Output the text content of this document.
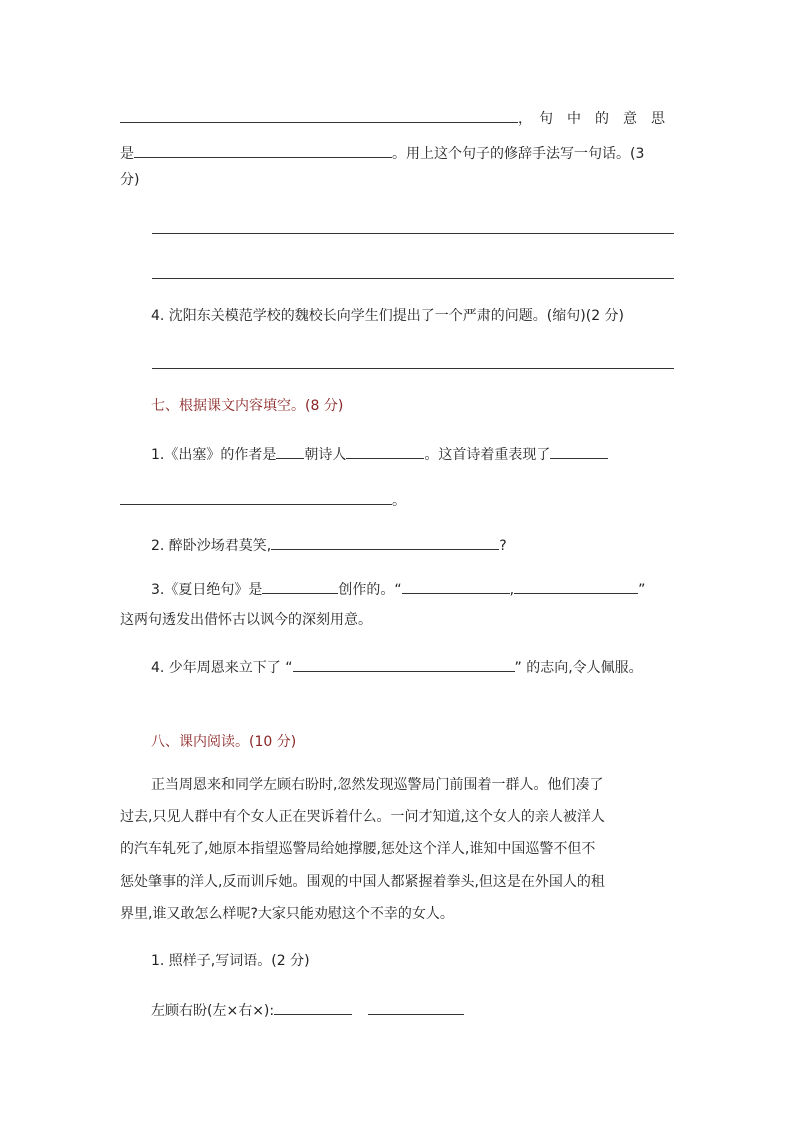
，　句　中　的　意　思
是	。用上这个句子的修辞手法写一句话。(3
分)
4. 沈阳东关模范学校的魏校长向学生们提出了一个严肃的问题。(缩句)(2 分)
七、根据课文内容填空。(8 分)
1.《出塞》的作者是 朝诗人	。这首诗着重表现了
。
2. 醉卧沙场君莫笑,	?
3.《夏日绝句》是	创作的。“	,	”
这两句透发出借怀古以讽今的深刻用意。
4. 少年周恩来立下了 “	” 的志向,令人佩服。
八、课内阅读。(10 分)
正当周恩来和同学左顾右盼时,忽然发现巡警局门前围着一群人。他们凑了
过去,只见人群中有个女人正在哭诉着什么。一问才知道,这个女人的亲人被洋人
的汽车轧死了,她原本指望巡警局给她撑腰,惩处这个洋人,谁知中国巡警不但不
惩处肇事的洋人,反而训斥她。围观的中国人都紧握着拳头,但这是在外国人的租
界里,谁又敢怎么样呢?大家只能劝慰这个不幸的女人。
1. 照样子,写词语。(2 分)
左顾右盼(左×右×):
